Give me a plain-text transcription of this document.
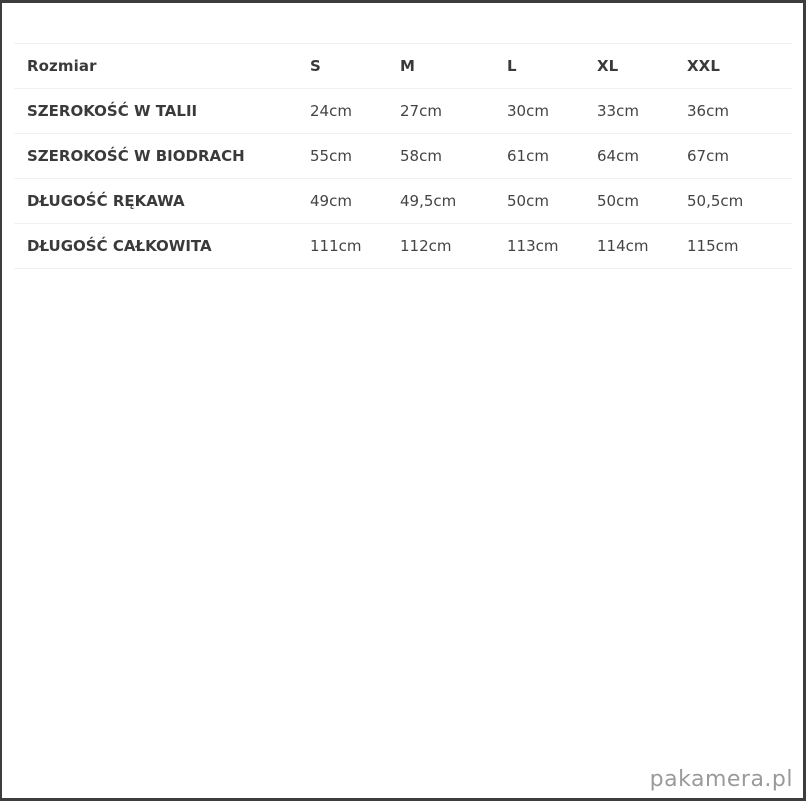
Rozmiar	S	M	L	XL	XXL
SZEROKOŚĆ W TALII	24cm	27cm	30cm	33cm	36cm
SZEROKOŚĆ W BIODRACH	55cm	58cm	61cm	64cm	67cm
DŁUGOŚĆ RĘKAWA	49cm	49,5cm	50cm	50cm	50,5cm
DŁUGOŚĆ CAŁKOWITA	111cm	112cm	113cm	114cm	115cm
pakamera.pl
